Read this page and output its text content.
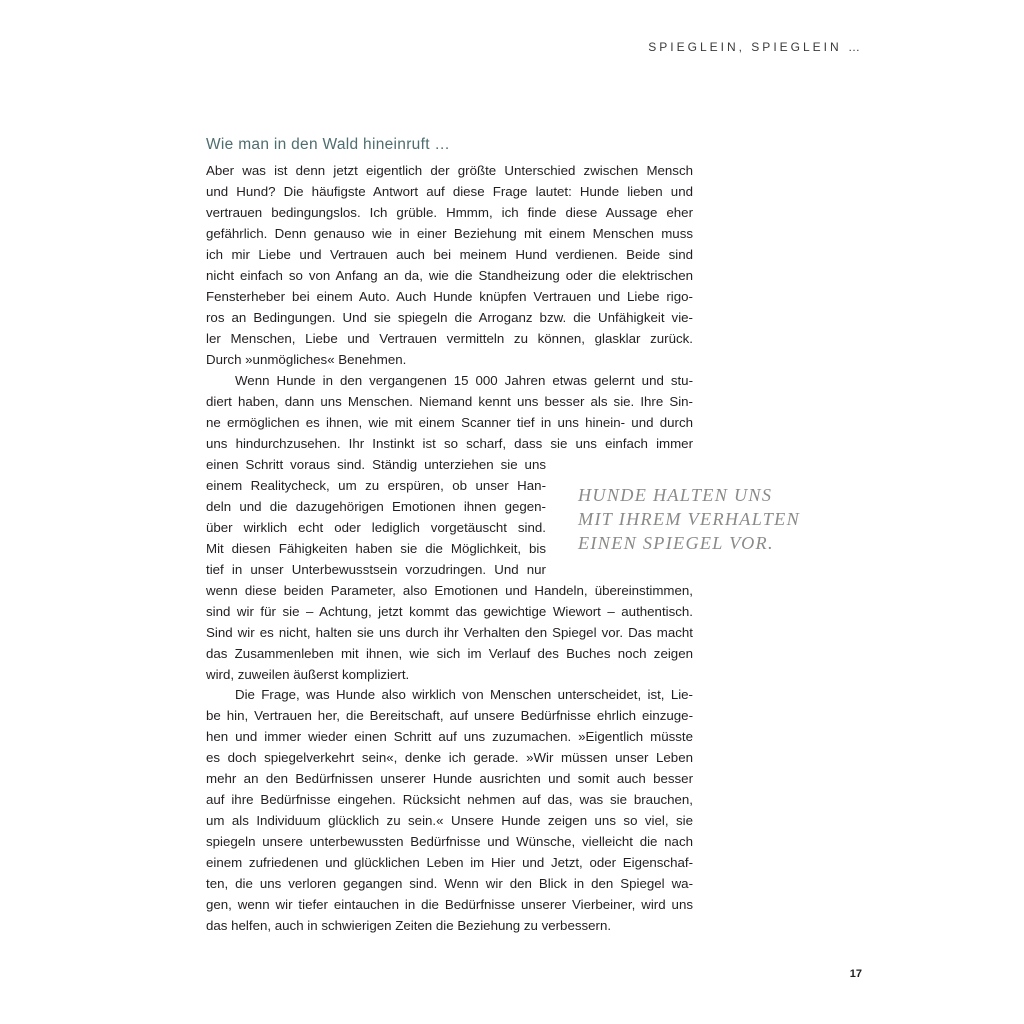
SPIEGLEIN, SPIEGLEIN …
Wie man in den Wald hineinruft …
Aber was ist denn jetzt eigentlich der größte Unterschied zwischen Mensch
und Hund? Die häufigste Antwort auf diese Frage lautet: Hunde lieben und
vertrauen bedingungslos. Ich grüble. Hmmm, ich finde diese Aussage eher
gefährlich. Denn genauso wie in einer Beziehung mit einem Menschen muss
ich mir Liebe und Vertrauen auch bei meinem Hund verdienen. Beide sind
nicht einfach so von Anfang an da, wie die Standheizung oder die elektrischen
Fensterheber bei einem Auto. Auch Hunde knüpfen Vertrauen und Liebe rigo-
ros an Bedingungen. Und sie spiegeln die Arroganz bzw. die Unfähigkeit vie-
ler Menschen, Liebe und Vertrauen vermitteln zu können, glasklar zurück.
Durch »unmögliches« Benehmen.
Wenn Hunde in den vergangenen 15 000 Jahren etwas gelernt und stu-
diert haben, dann uns Menschen. Niemand kennt uns besser als sie. Ihre Sin-
ne ermöglichen es ihnen, wie mit einem Scanner tief in uns hinein- und durch
uns hindurchzusehen. Ihr Instinkt ist so scharf, dass sie uns einfach immer
einen Schritt voraus sind. Ständig unterziehen sie uns
einem Realitycheck, um zu erspüren, ob unser Han-
deln und die dazugehörigen Emotionen ihnen gegen-
über wirklich echt oder lediglich vorgetäuscht sind.
Mit diesen Fähigkeiten haben sie die Möglichkeit, bis
tief in unser Unterbewusstsein vorzudringen. Und nur
wenn diese beiden Parameter, also Emotionen und Handeln, übereinstimmen,
sind wir für sie – Achtung, jetzt kommt das gewichtige Wiewort – authentisch.
Sind wir es nicht, halten sie uns durch ihr Verhalten den Spiegel vor. Das macht
das Zusammenleben mit ihnen, wie sich im Verlauf des Buches noch zeigen
wird, zuweilen äußerst kompliziert.
Die Frage, was Hunde also wirklich von Menschen unterscheidet, ist, Lie-
be hin, Vertrauen her, die Bereitschaft, auf unsere Bedürfnisse ehrlich einzuge-
hen und immer wieder einen Schritt auf uns zuzumachen. »Eigentlich müsste
es doch spiegelverkehrt sein«, denke ich gerade. »Wir müssen unser Leben
mehr an den Bedürfnissen unserer Hunde ausrichten und somit auch besser
auf ihre Bedürfnisse eingehen. Rücksicht nehmen auf das, was sie brauchen,
um als Individuum glücklich zu sein.« Unsere Hunde zeigen uns so viel, sie
spiegeln unsere unterbewussten Bedürfnisse und Wünsche, vielleicht die nach
einem zufriedenen und glücklichen Leben im Hier und Jetzt, oder Eigenschaf-
ten, die uns verloren gegangen sind. Wenn wir den Blick in den Spiegel wa-
gen, wenn wir tiefer eintauchen in die Bedürfnisse unserer Vierbeiner, wird uns
das helfen, auch in schwierigen Zeiten die Beziehung zu verbessern.
HUNDE HALTEN UNS
MIT IHREM VERHALTEN
EINEN SPIEGEL VOR.
17
